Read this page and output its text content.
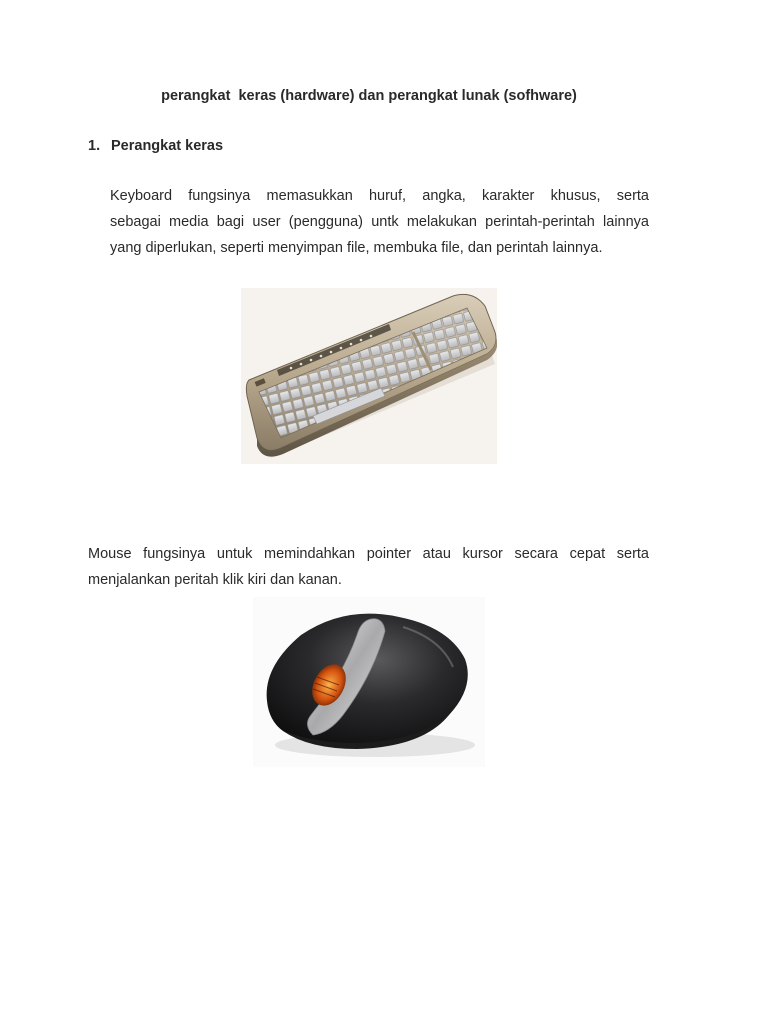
perangkat  keras (hardware) dan perangkat lunak (sofhware)
1. Perangkat keras
Keyboard fungsinya memasukkan huruf, angka, karakter khusus, serta
sebagai media bagi user (pengguna) untk melakukan perintah-perintah lainnya
yang diperlukan, seperti menyimpan file, membuka file, dan perintah lainnya.
Mouse fungsinya untuk memindahkan pointer atau kursor secara cepat serta
menjalankan peritah klik kiri dan kanan.
